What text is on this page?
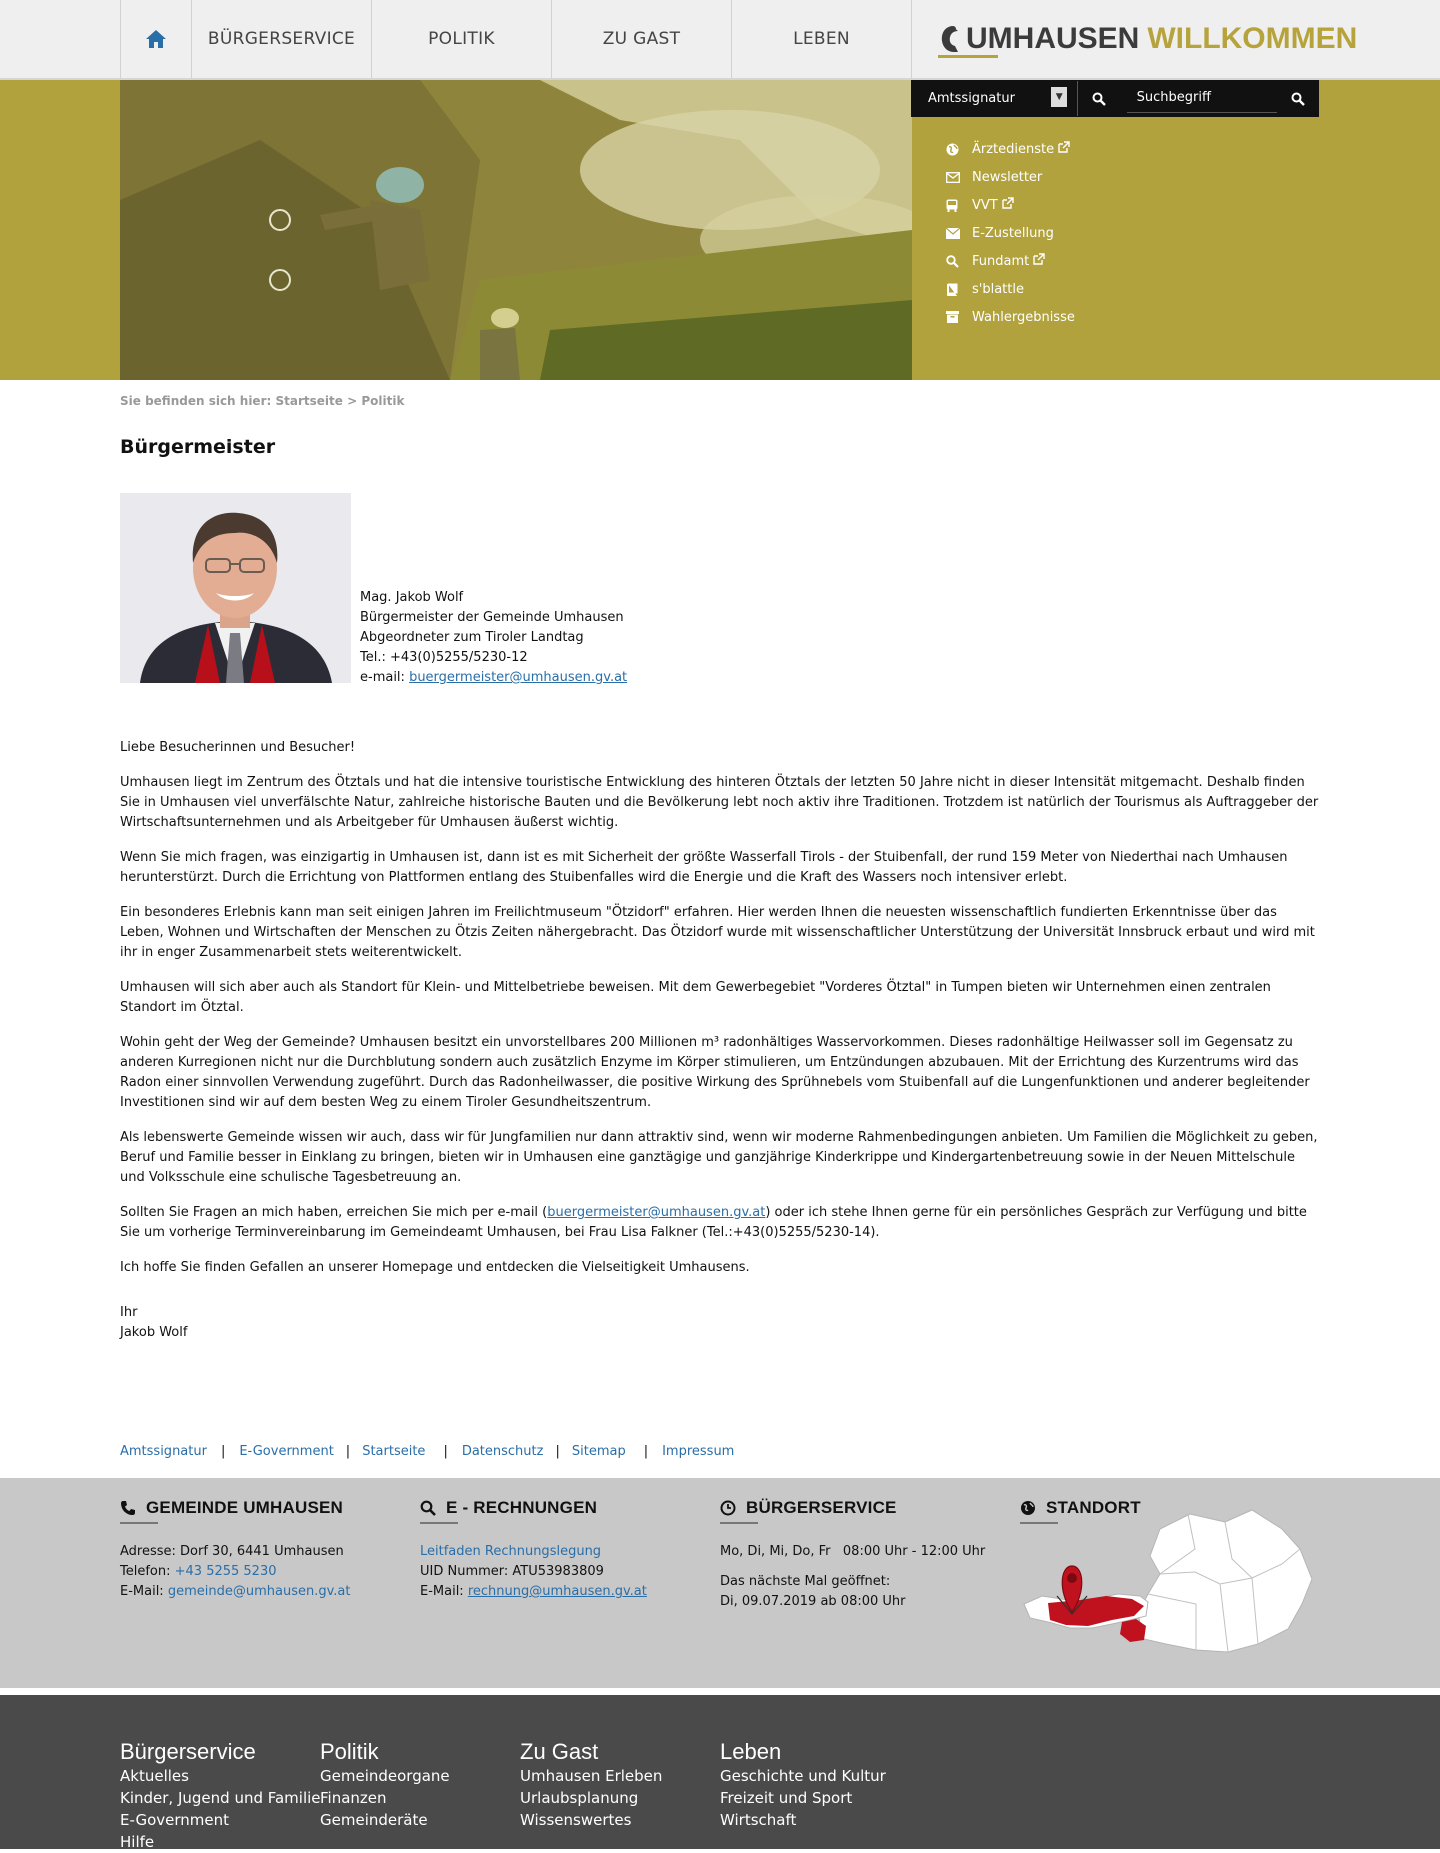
BÜRGERSERVICE	POLITIK	ZU GAST	LEBEN	UMHAUSEN WILLKOMMEN
Amtssignatur	▼
Suchbegriff
Ärztedienste
Newsletter
VVT
E-Zustellung
Fundamt
s'blattle
Wahlergebnisse
Sie befinden sich hier: Startseite > Politik
Bürgermeister
Mag. Jakob Wolf
Bürgermeister der Gemeinde Umhausen
Abgeordneter zum Tiroler Landtag
Tel.: +43(0)5255/5230-12
e-mail: buergermeister@umhausen.gv.at

Liebe Besucherinnen und Besucher!

Umhausen liegt im Zentrum des Ötztals und hat die intensive touristische Entwicklung des hinteren Ötztals der letzten 50 Jahre nicht in dieser Intensität mitgemacht. Deshalb finden Sie in Umhausen viel unverfälschte Natur, zahlreiche historische Bauten und die Bevölkerung lebt noch aktiv ihre Traditionen. Trotzdem ist natürlich der Tourismus als Auftraggeber der Wirtschaftsunternehmen und als Arbeitgeber für Umhausen äußerst wichtig.

Wenn Sie mich fragen, was einzigartig in Umhausen ist, dann ist es mit Sicherheit der größte Wasserfall Tirols - der Stuibenfall, der rund 159 Meter von Niederthai nach Umhausen herunterstürzt. Durch die Errichtung von Plattformen entlang des Stuibenfalles wird die Energie und die Kraft des Wassers noch intensiver erlebt.

Ein besonderes Erlebnis kann man seit einigen Jahren im Freilichtmuseum "Ötzidorf" erfahren. Hier werden Ihnen die neuesten wissenschaftlich fundierten Erkenntnisse über das Leben, Wohnen und Wirtschaften der Menschen zu Ötzis Zeiten nähergebracht. Das Ötzidorf wurde mit wissenschaftlicher Unterstützung der Universität Innsbruck erbaut und wird mit ihr in enger Zusammenarbeit stets weiterentwickelt.

Umhausen will sich aber auch als Standort für Klein- und Mittelbetriebe beweisen. Mit dem Gewerbegebiet "Vorderes Ötztal" in Tumpen bieten wir Unternehmen einen zentralen Standort im Ötztal.

Wohin geht der Weg der Gemeinde? Umhausen besitzt ein unvorstellbares 200 Millionen m³ radonhältiges Wasservorkommen. Dieses radonhältige Heilwasser soll im Gegensatz zu anderen Kurregionen nicht nur die Durchblutung sondern auch zusätzlich Enzyme im Körper stimulieren, um Entzündungen abzubauen. Mit der Errichtung des Kurzentrums wird das Radon einer sinnvollen Verwendung zugeführt. Durch das Radonheilwasser, die positive Wirkung des Sprühnebels vom Stuibenfall auf die Lungenfunktionen und anderer begleitender Investitionen sind wir auf dem besten Weg zu einem Tiroler Gesundheitszentrum.

Als lebenswerte Gemeinde wissen wir auch, dass wir für Jungfamilien nur dann attraktiv sind, wenn wir moderne Rahmenbedingungen anbieten. Um Familien die Möglichkeit zu geben, Beruf und Familie besser in Einklang zu bringen, bieten wir in Umhausen eine ganztägige und ganzjährige Kinderkrippe und Kindergartenbetreuung sowie in der Neuen Mittelschule und Volksschule eine schulische Tagesbetreuung an.

Sollten Sie Fragen an mich haben, erreichen Sie mich per e-mail (buergermeister@umhausen.gv.at) oder ich stehe Ihnen gerne für ein persönliches Gespräch zur Verfügung und bitte Sie um vorherige Terminvereinbarung im Gemeindeamt Umhausen, bei Frau Lisa Falkner (Tel.:+43(0)5255/5230-14).

Ich hoffe Sie finden Gefallen an unserer Homepage und entdecken die Vielseitigkeit Umhausens.

Ihr
Jakob Wolf
Amtssignatur | E-Government | Startseite | Datenschutz | Sitemap | Impressum
GEMEINDE UMHAUSEN
Adresse: Dorf 30, 6441 Umhausen
Telefon: +43 5255 5230
E-Mail: gemeinde@umhausen.gv.at
E - RECHNUNGEN
Leitfaden Rechnungslegung
UID Nummer: ATU53983809
E-Mail: rechnung@umhausen.gv.at
BÜRGERSERVICE
Mo, Di, Mi, Do, Fr   08:00 Uhr - 12:00 Uhr
Das nächste Mal geöffnet:
Di, 09.07.2019 ab 08:00 Uhr
STANDORT
Bürgerservice
Aktuelles
Kinder, Jugend und Familie
E-Government
Hilfe
Politik
Gemeindeorgane
Finanzen
Gemeinderäte
Zu Gast
Umhausen Erleben
Urlaubsplanung
Wissenswertes
Leben
Geschichte und Kultur
Freizeit und Sport
Wirtschaft
